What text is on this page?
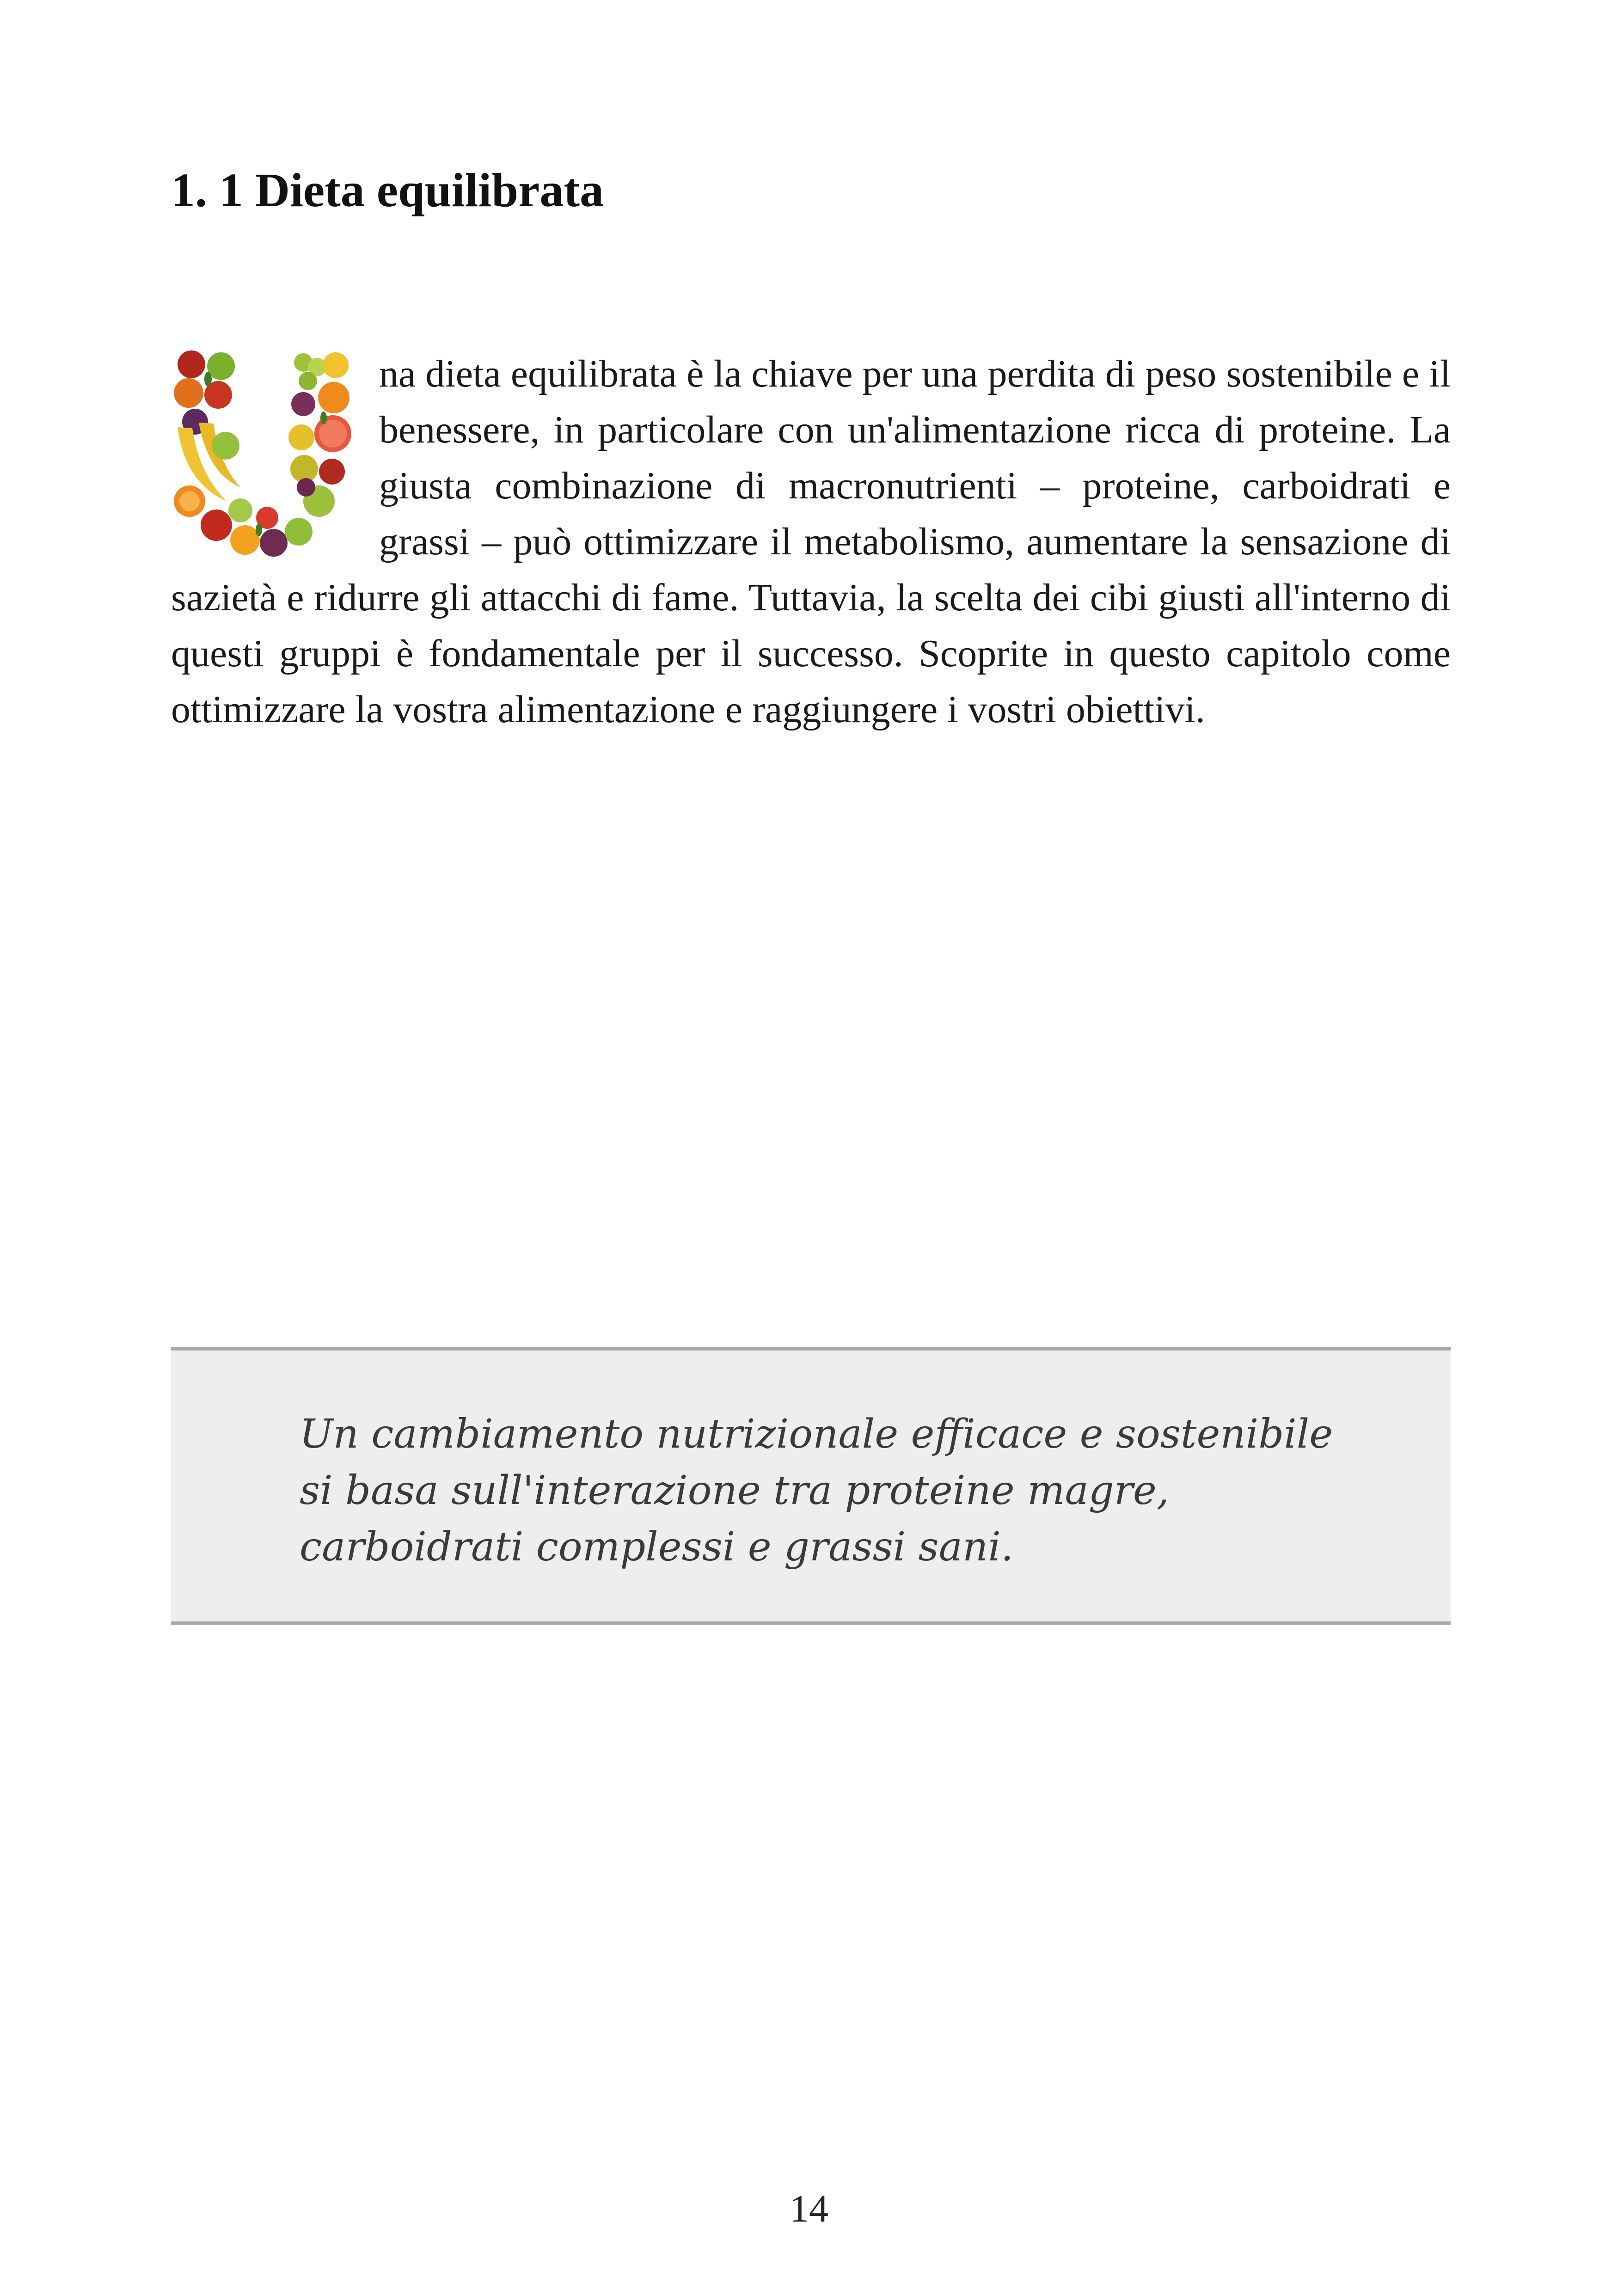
1. 1 Dieta equilibrata

na dieta equilibrata è la chiave per una perdita di peso sostenibile e il benessere, in particolare con un'alimentazione ricca di proteine. La giusta combinazione di macronutrienti – proteine, carboidrati e grassi – può ottimizzare il metabolismo, aumentare la sensazione di sazietà e ridurre gli attacchi di fame. Tuttavia, la scelta dei cibi giusti all'interno di questi gruppi è fondamentale per il successo. Scoprite in questo capitolo come ottimizzare la vostra alimentazione e raggiungere i vostri obiettivi.

Un cambiamento nutrizionale efficace e sostenibile si basa sull'interazione tra proteine magre, carboidrati complessi e grassi sani.

14
